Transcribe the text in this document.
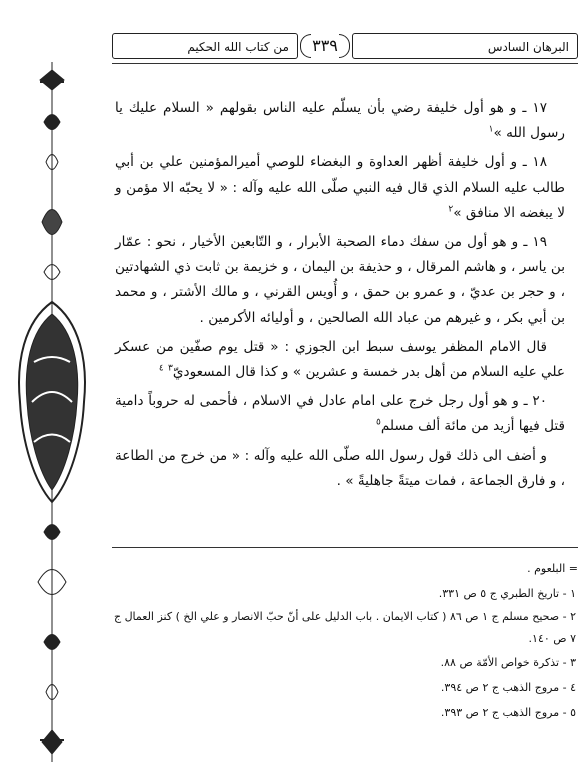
من كتاب الله الحكيم	٣٣٩	البرهان السادس

١٧ ـ و هو أول خليفة رضي بأن يسلّم عليه الناس بقولهم « السلام عليك يا رسول الله »$^١$

١٨ ـ و أول خليفة أظهر العداوة و البغضاء للوصي أميرالمؤمنين علي بن أبي طالب عليه السلام الذي قال فيه النبي صلّى الله عليه وآله : « لا يحبّه الا مؤمن و لا يبغضه الا منافق »$^٢$

١٩ ـ و هو أول من سفك دماء الصحبة الأبرار ، و التّابعين الأخيار ، نحو : عمّار بن ياسر ، و هاشم المرقال ، و حذيفة بن اليمان ، و خزيمة بن ثابت ذي الشهادتين ، و حجر بن عديّ ، و عمرو بن حمق ، و أُويس القرني ، و مالك الأشتر ، و محمد بن أبي بكر ، و غيرهم من عباد الله الصالحين ، و أوليائه الأكرمين .

قال الامام المظفر يوسف سبط ابن الجوزي : « قتل يوم صفّين من عسكر علي عليه السلام من أهل بدر خمسة و عشرين » و كذا قال المسعوديّ$^٣$ $^٤$

٢٠ ـ و هو أول رجل خرج على امام عادل في الاسلام ، فأحمى له حروباً دامية قتل فيها أزيد من مائة ألف مسلم$^٥$

و أضف الى ذلك قول رسول الله صلّى الله عليه وآله : « من خرج من الطاعة ، و فارق الجماعة ، فمات ميتةً جاهليةً » .

= البلعوم .
١ - تاريخ الطبري ج ٥ ص ٣٣١.
٢ - صحيح مسلم ج ١ ص ٨٦ ( كتاب الايمان . باب الدليل على أنّ حبّ الانصار و علي الخ ) كنز العمال ج ٧ ص ١٤٠.
٣ - تذكرة خواص الأمّة ص ٨٨.
٤ - مروج الذهب ج ٢ ص ٣٩٤.
٥ - مروج الذهب ج ٢ ص ٣٩٣.
